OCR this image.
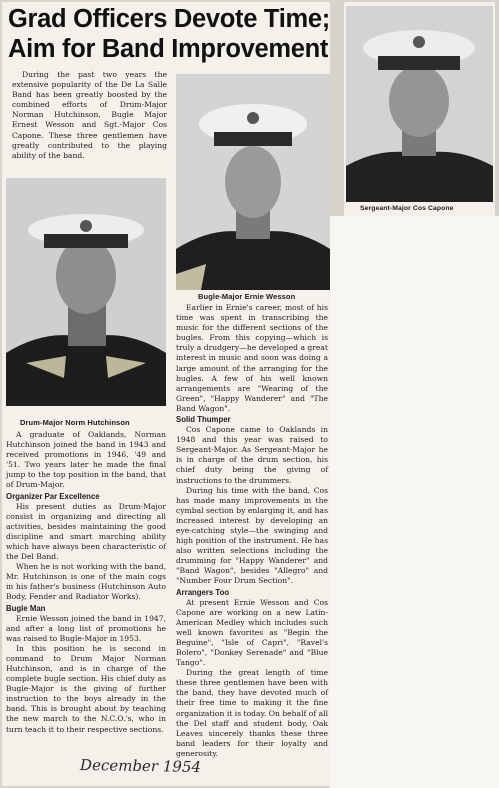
Grad Officers Devote Time; Aim for Band Improvement

During the past two years the extensive popularity of the De La Salle Band has been greatly boosted by the combined efforts of Drum-Major Norman Hutchinson, Bugle Major Ernest Wesson and Sgt.-Major Cos Capone. These three gentlemen have greatly contributed to the playing ability of the band.

Drum-Major Norm Hutchinson
Bugle-Major Ernie Wesson
Sergeant-Major Cos Capone

A graduate of Oaklands, Norman Hutchinson joined the band in 1943 and received promotions in 1946, '49 and '51. Two years later he made the final jump to the top position in the band, that of Drum-Major.

Organizer Par Excellence

His present duties as Drum-Major consist in organizing and directing all activities, besides maintaining the good discipline and smart marching ability which have always been characteristic of the Del Band.

When he is not working with the band, Mr. Hutchinson is one of the main cogs in his father's business (Hutchinson Auto Body, Fender and Radiator Works).

Bugle Man

Ernie Wesson joined the band in 1947, and after a long list of promotions he was raised to Bugle-Major in 1953.

In this position he is second in command to Drum Major Norman Hutchinson, and is in charge of the complete bugle section. His chief duty as Bugle-Major is the giving of further instruction to the boys already in the band. This is brought about by teaching the new march to the N.C.O.'s, who in turn teach it to their respective sections.

Earlier in Ernie's career, most of his time was spent in transcribing the music for the different sections of the bugles. From this copying—which is truly a drudgery—he developed a great interest in music and soon was doing a large amount of the arranging for the bugles. A few of his well known arrangements are "Wearing of the Green", "Happy Wanderer" and "The Band Wagon".

Solid Thumper

Cos Capone came to Oaklands in 1948 and this year was raised to Sergeant-Major. As Sergeant-Major he is in charge of the drum section, his chief duty being the giving of instructions to the drummers.

During his time with the band, Cos has made many improvements in the cymbal section by enlarging it, and has increased interest by developing an eye-catching style—the swinging and high position of the instrument. He has also written selections including the drumming for "Happy Wanderer" and "Band Wagon", besides "Allegro" and "Number Four Drum Section".

Arrangers Too

At present Ernie Wesson and Cos Capone are working on a new Latin-American Medley which includes such well known favorites as "Begin the Beguine", "Isle of Capri", "Ravel's Bolero", "Donkey Serenade" and "Blue Tango".

During the great length of time these three gentlemen have been with the band, they have devoted much of their free time to making it the fine organization it is today. On behalf of all the Del staff and student body, Oak Leaves sincerely thanks these three band leaders for their loyalty and generosity.

December 1954
